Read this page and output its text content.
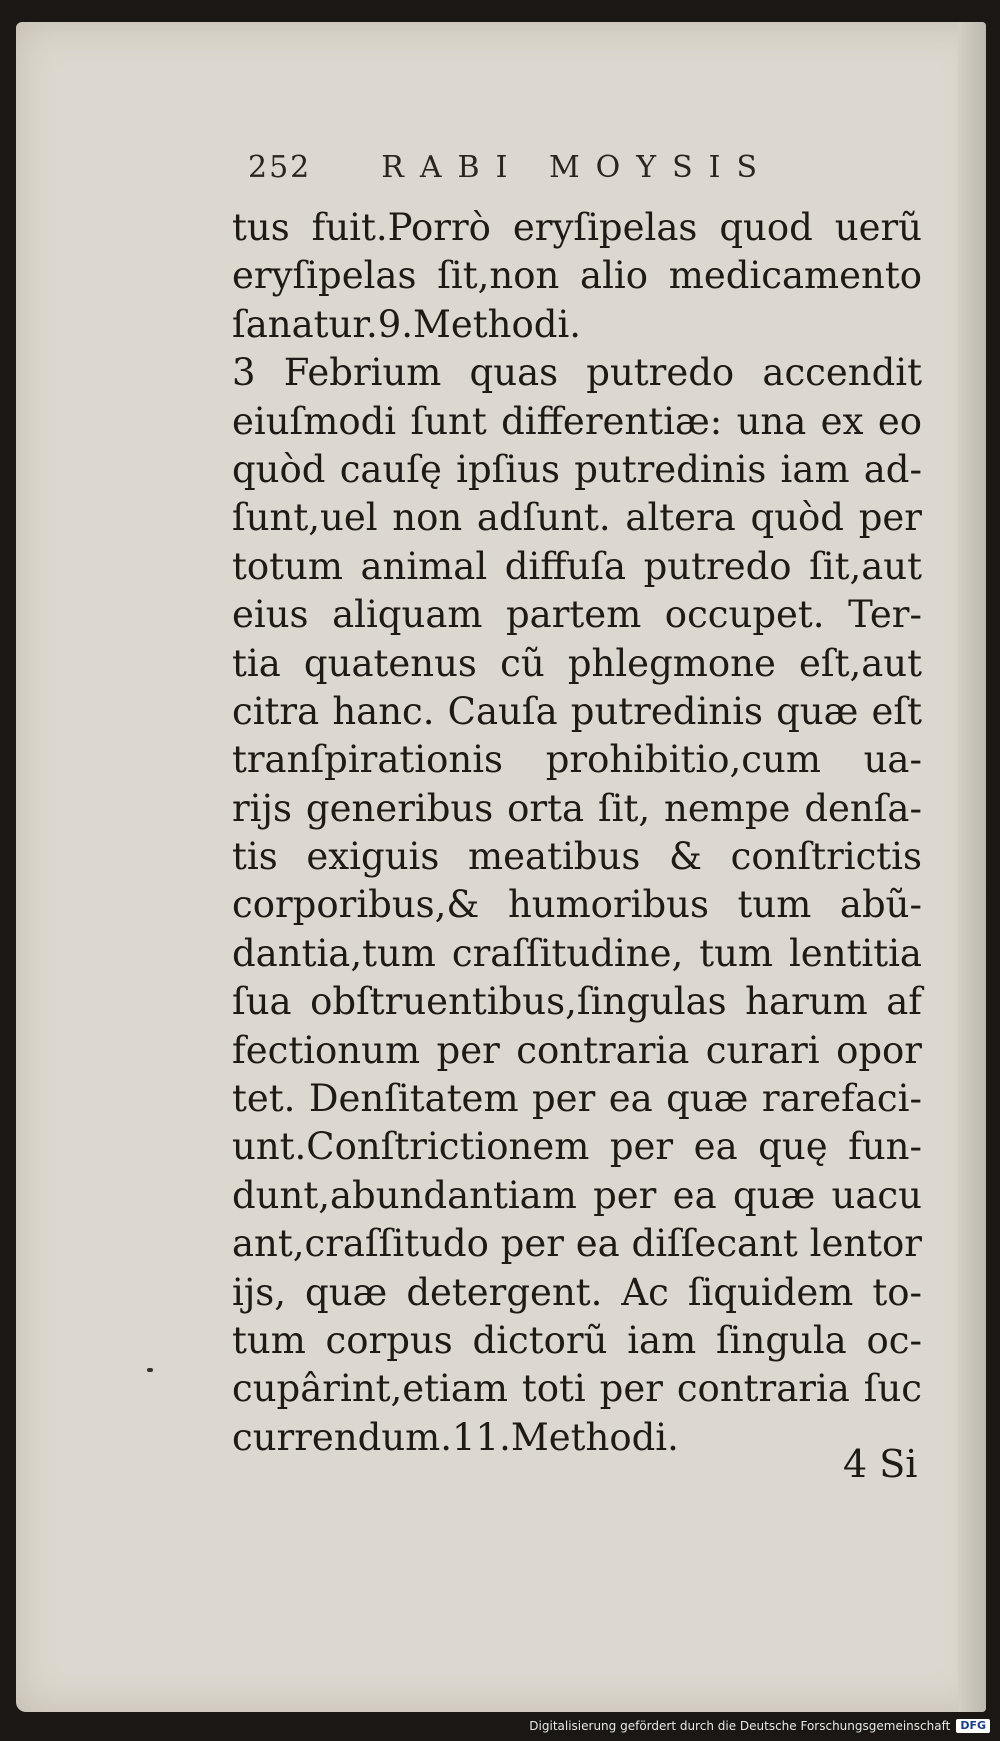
252 RABI MOYSIS
tus fuit.Porrò eryſipelas quod uerũ
eryſipelas ſit,non alio medicamento
ſanatur.9.Methodi.
3 Febrium quas putredo accendit
eiuſmodi ſunt differentiæ: una ex eo
quòd cauſę ipſius putredinis iam ad-
ſunt,uel non adſunt. altera quòd per
totum animal diffuſa putredo ſit,aut
eius aliquam partem occupet. Ter-
tia quatenus cũ phlegmone eſt,aut
citra hanc. Cauſa putredinis quæ eſt
tranſpirationis prohibitio,cum ua-
rijs generibus orta ſit, nempe denſa-
tis exiguis meatibus & conſtrictis
corporibus,& humoribus tum abũ-
dantia,tum craſſitudine, tum lentitia
ſua obſtruentibus,ſingulas harum af
fectionum per contraria curari opor
tet. Denſitatem per ea quæ rarefaci-
unt.Conſtrictionem per ea quę fun-
dunt,abundantiam per ea quæ uacu
ant,craſſitudo per ea diſſecant lentor
ijs, quæ detergent. Ac ſiquidem to-
tum corpus dictorũ iam ſingula oc-
cupârint,etiam toti per contraria ſuc
currendum.11.Methodi.
4 Si
Digitalisierung gefördert durch die Deutsche Forschungsgemeinschaft DFG
